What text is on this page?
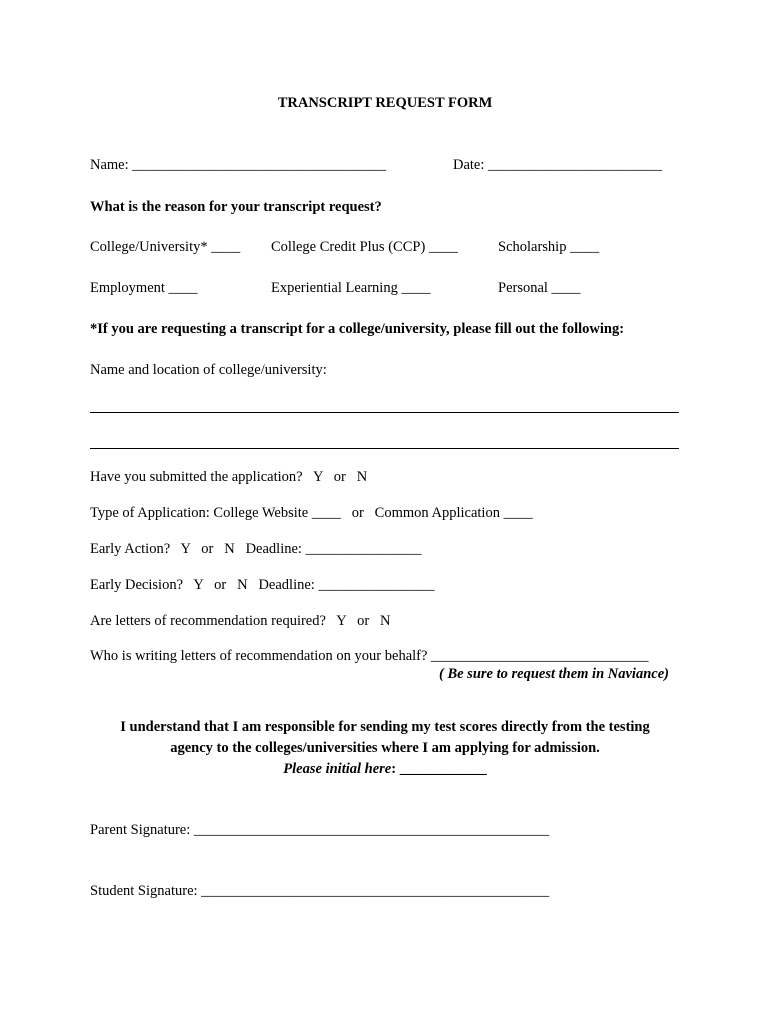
TRANSCRIPT REQUEST FORM
Name: ___________________________________	Date: ________________________
What is the reason for your transcript request?
College/University* ____ College Credit Plus (CCP) ____	Scholarship ____
Employment ____	Experiential Learning ____	Personal ____
*If you are requesting a transcript for a college/university, please fill out the following:
Name and location of college/university:
Have you submitted the application?   Y   or   N
Type of Application: College Website ____   or   Common Application ____
Early Action?   Y   or   N   Deadline: ________________
Early Decision?   Y   or   N   Deadline: ________________
Are letters of recommendation required?   Y   or   N
Who is writing letters of recommendation on your behalf? ______________________________
( Be sure to request them in Naviance)
I understand that I am responsible for sending my test scores directly from the testing
agency to the colleges/universities where I am applying for admission.
Please initial here: ____________
Parent Signature: _________________________________________________
Student Signature: ________________________________________________
